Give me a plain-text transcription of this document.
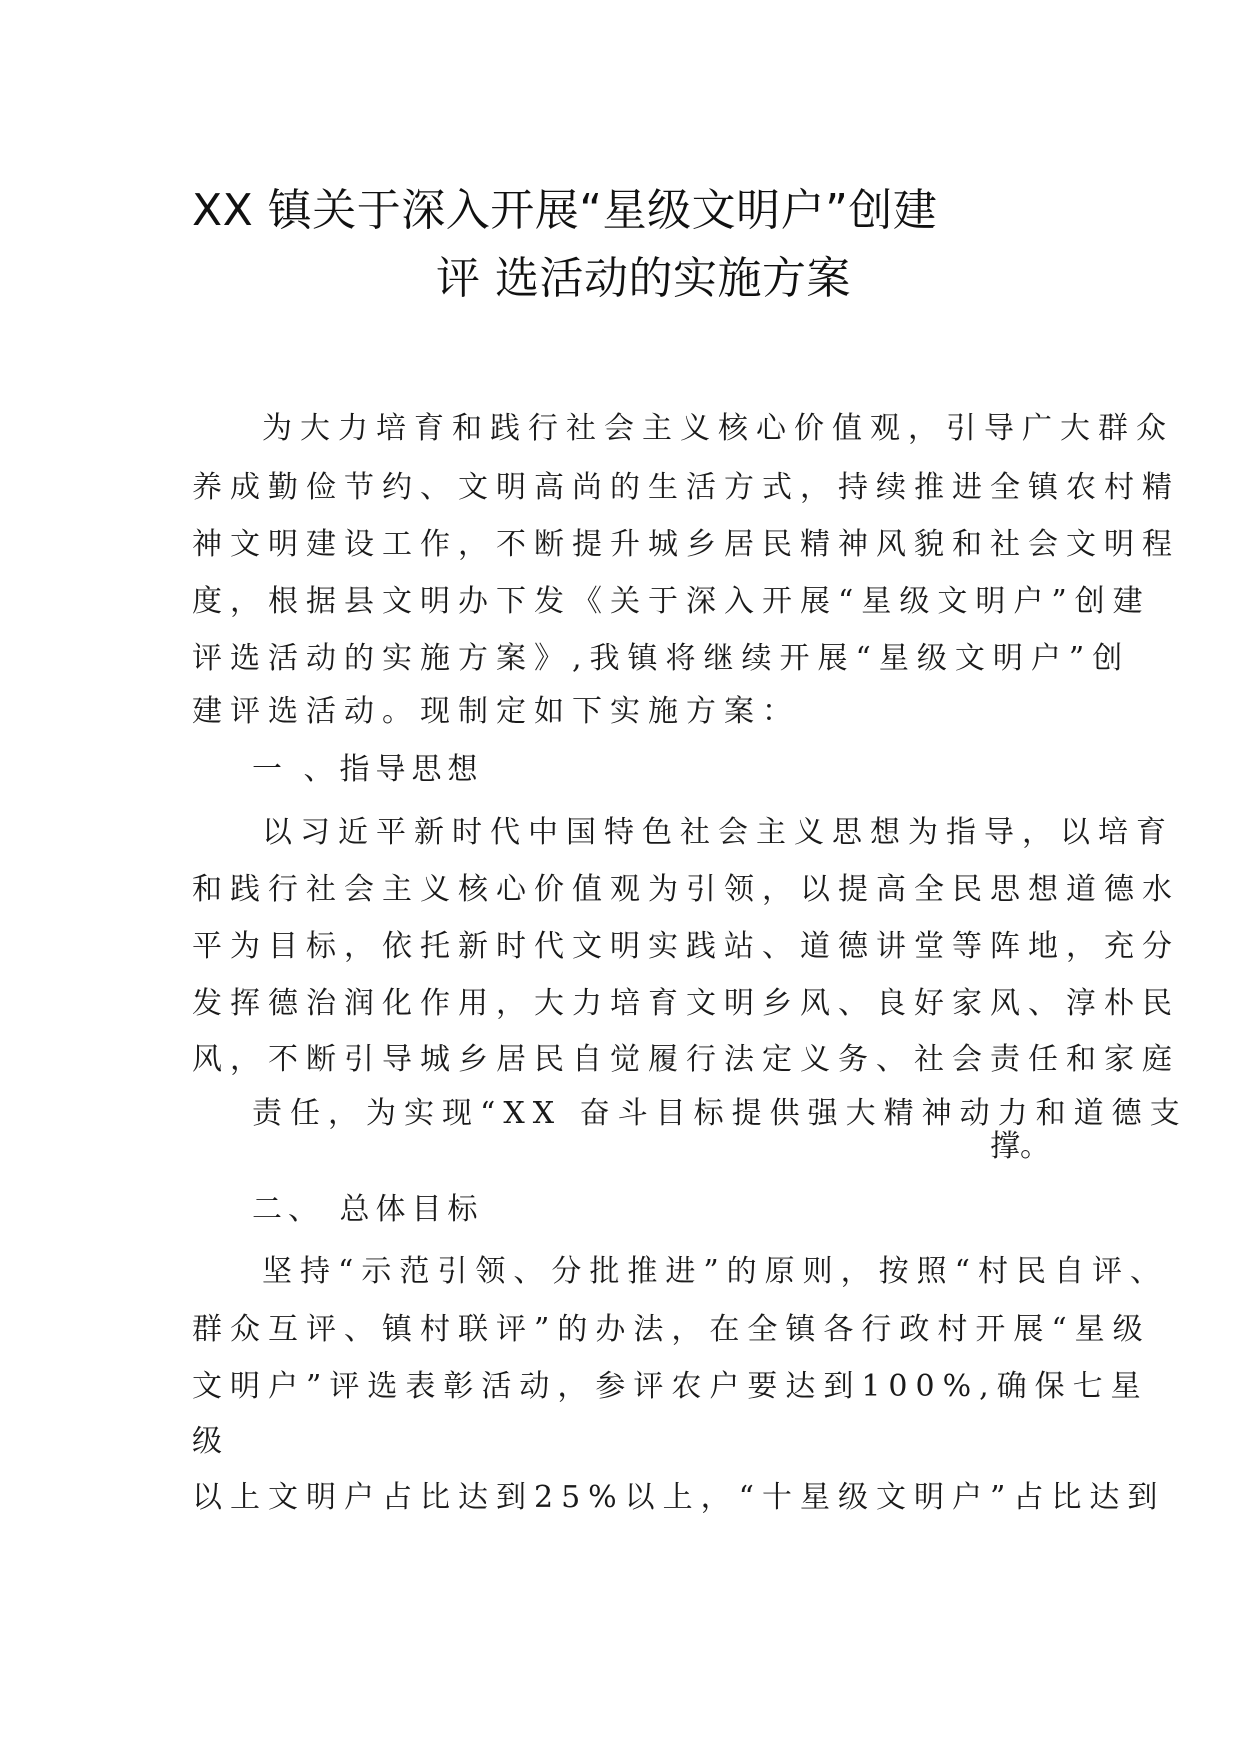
XX 镇关于深入开展“星级文明户”创建
评 选活动的实施方案

为大力培育和践行社会主义核心价值观，引导广大群众

养成勤俭节约、文明高尚的生活方式，持续推进全镇农村精

神文明建设工作，不断提升城乡居民精神风貌和社会文明程

度，根据县文明办下发《关于深入开展“星级文明户”创建

评选活动的实施方案》,我镇将继续开展“星级文明户”创

建评选活动。现制定如下实施方案：

一 、指导思想

以习近平新时代中国特色社会主义思想为指导，以培育

和践行社会主义核心价值观为引领，以提高全民思想道德水

平为目标，依托新时代文明实践站、道德讲堂等阵地，充分

发挥德治润化作用，大力培育文明乡风、良好家风、淳朴民

风，不断引导城乡居民自觉履行法定义务、社会责任和家庭

责任，为实现“XX 奋斗目标提供强大精神动力和道德支

撑。

二、 总体目标

坚持“示范引领、分批推进”的原则，按照“村民自评、

群众互评、镇村联评”的办法，在全镇各行政村开展“星级

文明户”评选表彰活动，参评农户要达到100%,确保七星

级

以上文明户占比达到25%以上，“十星级文明户”占比达到
